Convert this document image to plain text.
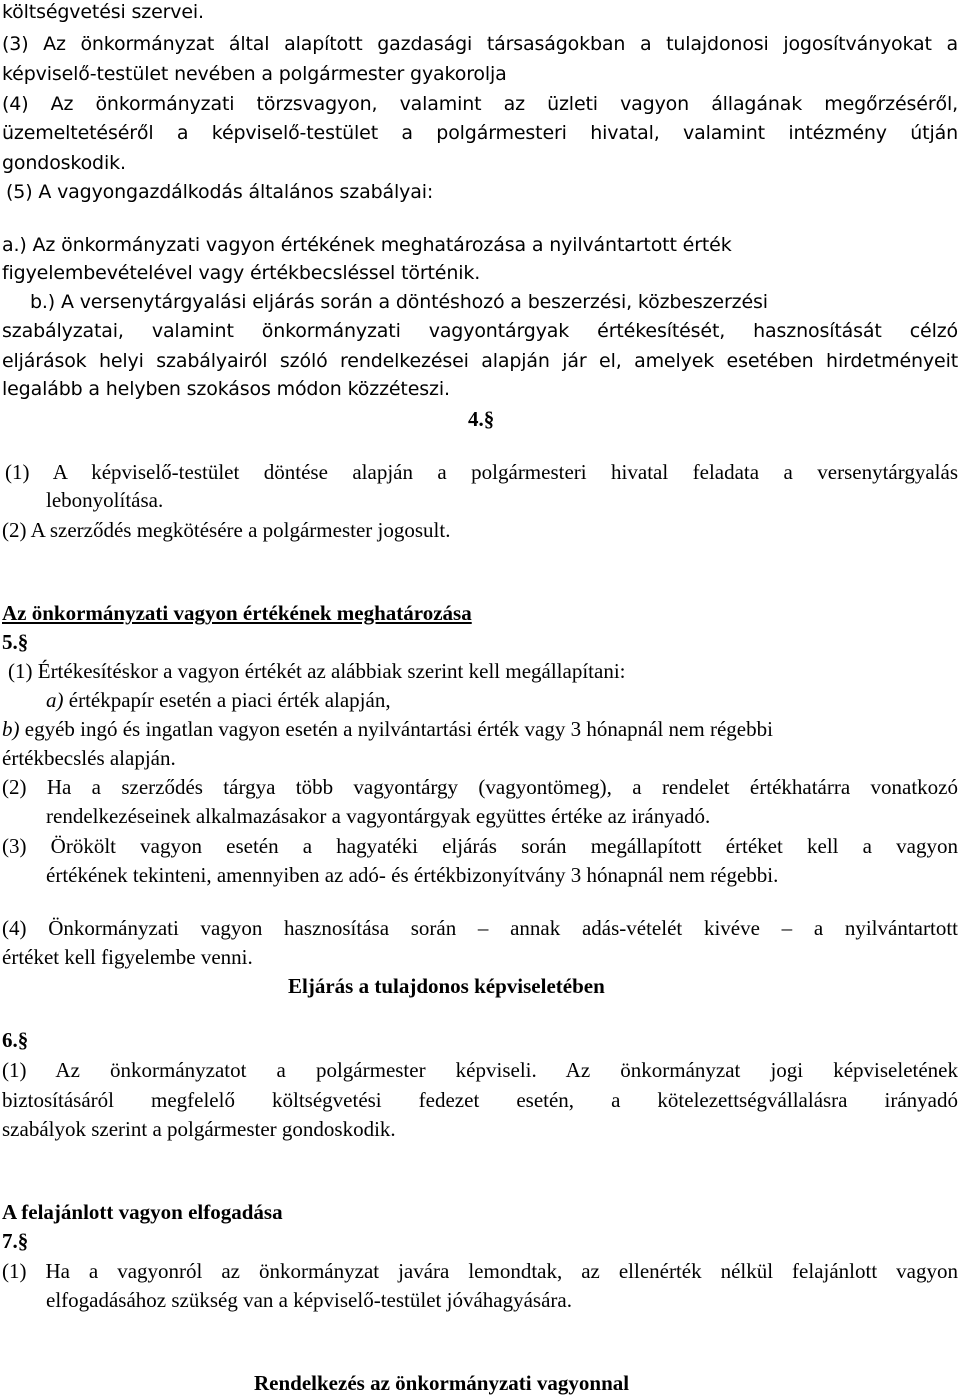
költségvetési szervei.
(3) Az önkormányzat által alapított gazdasági társaságokban a tulajdonosi jogosítványokat a
képviselő-testület nevében a polgármester gyakorolja
(4) Az önkormányzati törzsvagyon, valamint az üzleti vagyon állagának megőrzéséről,
üzemeltetéséről a képviselő-testület a polgármesteri hivatal, valamint intézmény útján
gondoskodik.
(5) A vagyongazdálkodás általános szabályai:
a.) Az önkormányzati vagyon értékének meghatározása a nyilvántartott érték
figyelembevételével vagy értékbecsléssel történik.
b.) A versenytárgyalási eljárás során a döntéshozó a beszerzési, közbeszerzési
szabályzatai, valamint önkormányzati vagyontárgyak értékesítését, hasznosítását célzó
eljárások helyi szabályairól szóló rendelkezései alapján jár el, amelyek esetében hirdetményeit
legalább a helyben szokásos módon közzéteszi.
4.§
(1) A képviselő-testület döntése alapján a polgármesteri hivatal feladata a versenytárgyalás
lebonyolítása.
(2) A szerződés megkötésére a polgármester jogosult.
Az önkormányzati vagyon értékének meghatározása
5.§
(1) Értékesítéskor a vagyon értékét az alábbiak szerint kell megállapítani:
a) értékpapír esetén a piaci érték alapján,
b) egyéb ingó és ingatlan vagyon esetén a nyilvántartási érték vagy 3 hónapnál nem régebbi
értékbecslés alapján.
(2) Ha a szerződés tárgya több vagyontárgy (vagyontömeg), a rendelet értékhatárra vonatkozó
rendelkezéseinek alkalmazásakor a vagyontárgyak együttes értéke az irányadó.
(3) Örökölt vagyon esetén a hagyatéki eljárás során megállapított értéket kell a vagyon
értékének tekinteni, amennyiben az adó- és értékbizonyítvány 3 hónapnál nem régebbi.
(4) Önkormányzati vagyon hasznosítása során – annak adás-vételét kivéve – a nyilvántartott
értéket kell figyelembe venni.
Eljárás a tulajdonos képviseletében
6.§
(1) Az önkormányzatot a polgármester képviseli. Az önkormányzat jogi képviseletének
biztosításáról megfelelő költségvetési fedezet esetén, a kötelezettségvállalásra irányadó
szabályok szerint a polgármester gondoskodik.
A felajánlott vagyon elfogadása
7.§
(1) Ha a vagyonról az önkormányzat javára lemondtak, az ellenérték nélkül felajánlott vagyon
elfogadásához szükség van a képviselő-testület jóváhagyására.
Rendelkezés az önkormányzati vagyonnal
